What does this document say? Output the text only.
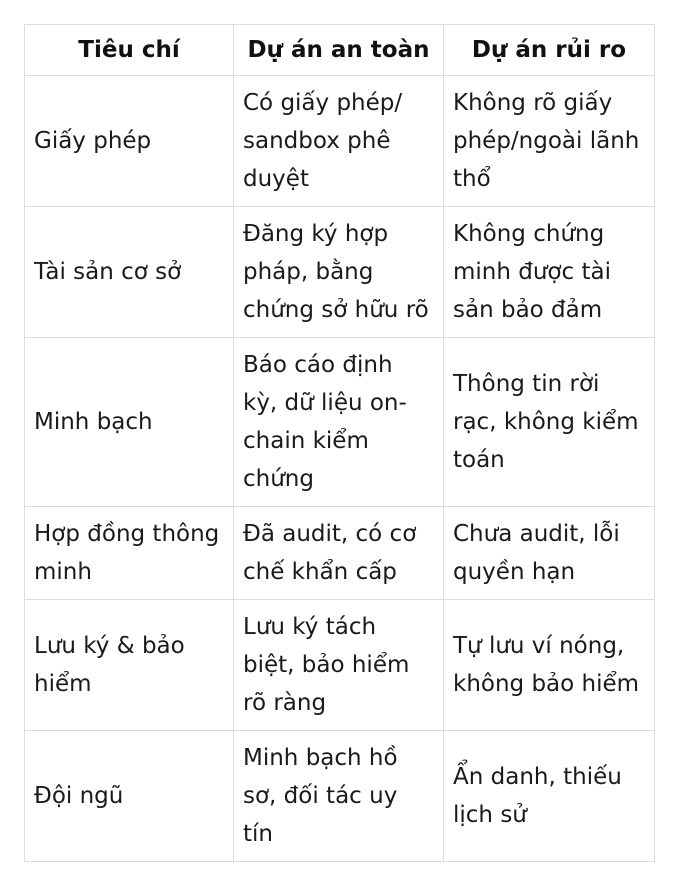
Tiêu chí	Dự án an toàn	Dự án rủi ro
Giấy phép	Có giấy phép/ sandbox phê duyệt	Không rõ giấy phép/ngoài lãnh thổ
Tài sản cơ sở	Đăng ký hợp pháp, bằng chứng sở hữu rõ	Không chứng minh được tài sản bảo đảm
Minh bạch	Báo cáo định kỳ, dữ liệu on-chain kiểm chứng	Thông tin rời rạc, không kiểm toán
Hợp đồng thông minh	Đã audit, có cơ chế khẩn cấp	Chưa audit, lỗi quyền hạn
Lưu ký & bảo hiểm	Lưu ký tách biệt, bảo hiểm rõ ràng	Tự lưu ví nóng, không bảo hiểm
Đội ngũ	Minh bạch hồ sơ, đối tác uy tín	Ẩn danh, thiếu lịch sử
